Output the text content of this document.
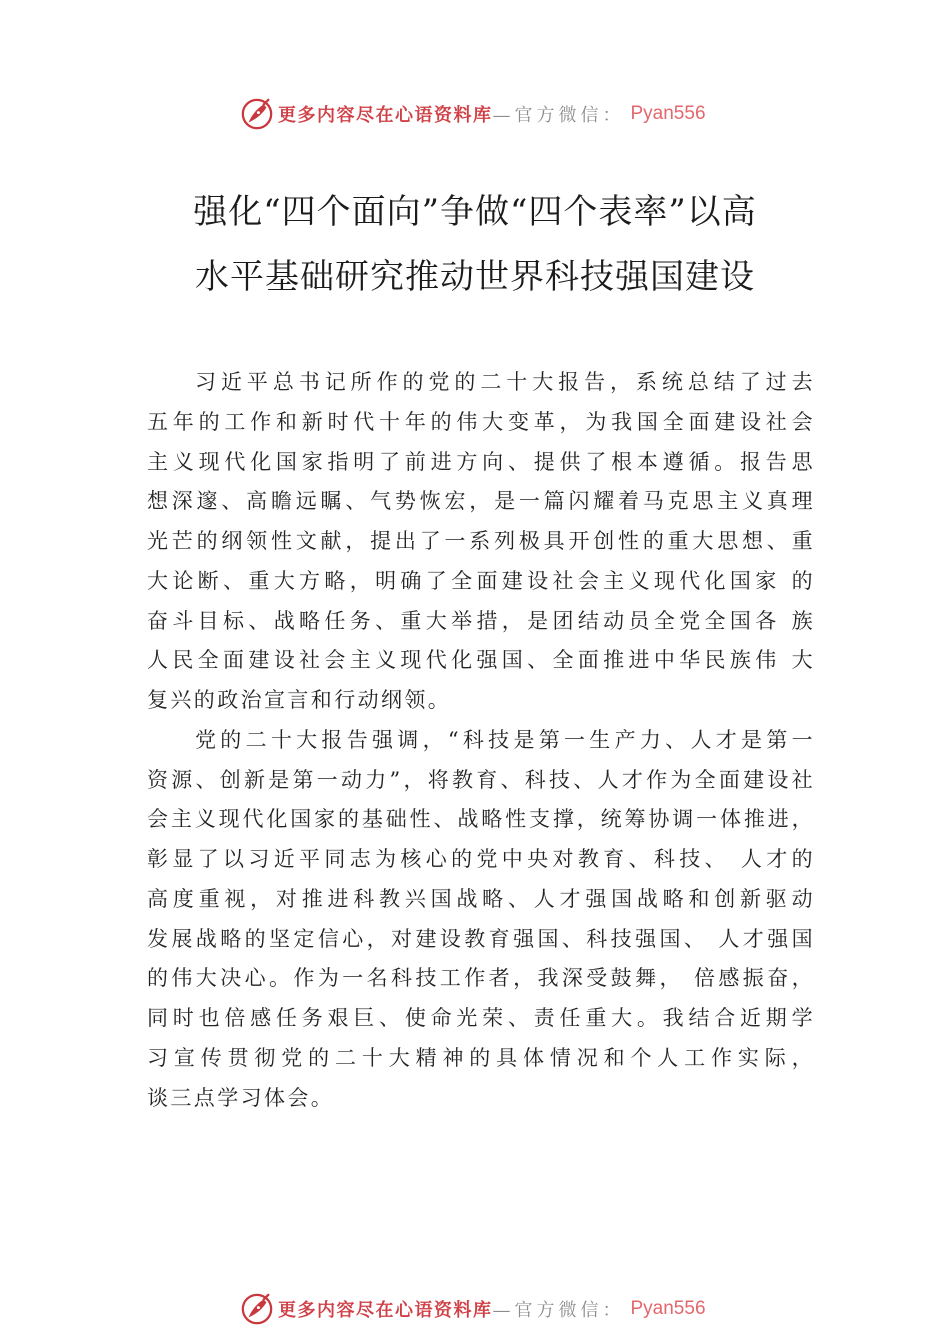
更多内容尽在心语资料库 —官方微信： Pyan556
强化“四个面向”争做“四个表率”以高
水平基础研究推动世界科技强国建设
习近平总书记所作的党的二十大报告，系统总结了过去
五年的工作和新时代十年的伟大变革，为我国全面建设社会
主义现代化国家指明了前进方向、提供了根本遵循。报告思
想深邃、高瞻远瞩、气势恢宏，是一篇闪耀着马克思主义真理
光芒的纲领性文献，提出了一系列极具开创性的重大思想、重
大论断、重大方略，明确了全面建设社会主义现代化国家 的
奋斗目标、战略任务、重大举措，是团结动员全党全国各 族
人民全面建设社会主义现代化强国、全面推进中华民族伟 大
复兴的政治宣言和行动纲领。
党的二十大报告强调，“科技是第一生产力、人才是第一
资源、创新是第一动力”，将教育、科技、人才作为全面建设社
会主义现代化国家的基础性、战略性支撑，统筹协调一体推进，
彰显了以习近平同志为核心的党中央对教育、科技、 人才的
高度重视，对推进科教兴国战略、人才强国战略和创新驱动
发展战略的坚定信心，对建设教育强国、科技强国、 人才强国
的伟大决心。作为一名科技工作者，我深受鼓舞， 倍感振奋，
同时也倍感任务艰巨、使命光荣、责任重大。我结合近期学
习宣传贯彻党的二十大精神的具体情况和个人工作实际，
谈三点学习体会。
更多内容尽在心语资料库 —官方微信： Pyan556
